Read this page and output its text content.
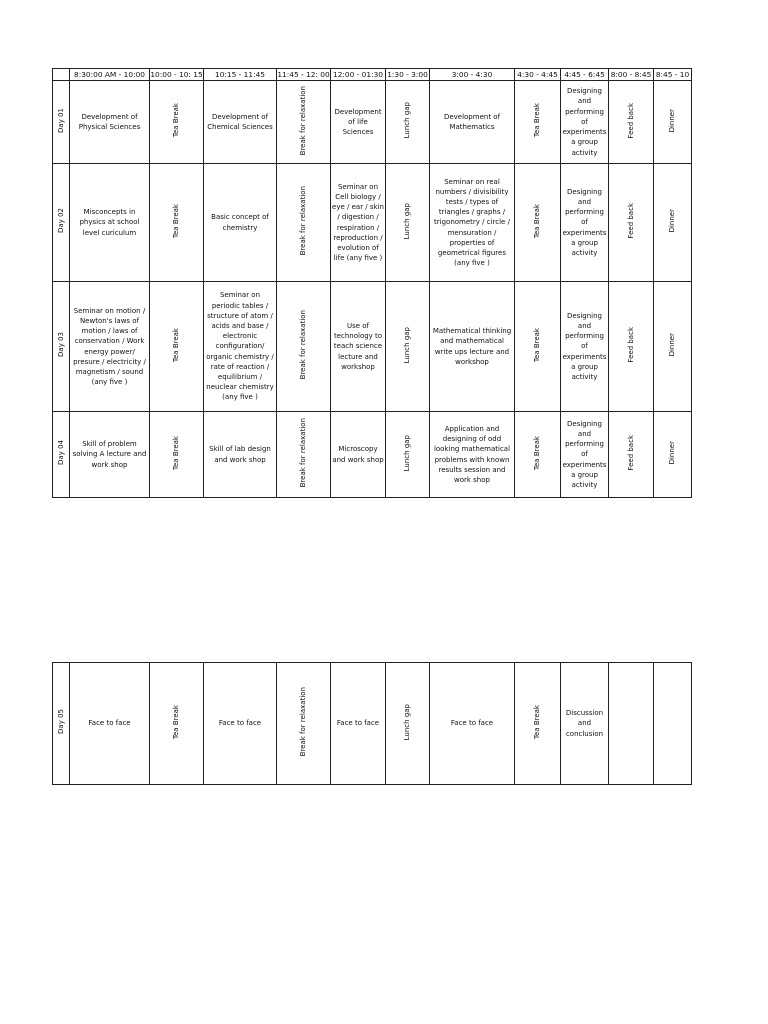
	8:30:00 AM - 10:00	10:00 - 10: 15	10:15 - 11:45	11:45 - 12: 00	12:00 - 01:30	1:30 - 3:00	3:00 - 4:30	4:30 - 4:45	4:45 - 6:45	8:00 - 8:45	8:45 - 10
Day 01	Development of Physical Sciences	Tea Break	Development of Chemical Sciences	Break for relaxation	Development of life Sciences	Lunch gap	Development of Mathematics	Tea Break	Designing and performing of experiments a group activity	Feed back	Dinner
Day 02	Misconcepts in physics at school level curiculum	Tea Break	Basic concept of chemistry	Break for relaxation	Seminar on Cell biology / eye / ear / skin / digestion / respiration / reproduction / evolution of life (any five )	Lunch gap	Seminar on real numbers / divisibility tests / types of triangles / graphs / trigonometry / circle / mensuration / properties of geometrical figures (any five )	Tea Break	Designing and performing of experiments a group activity	Feed back	Dinner
Day 03	Seminar on motion / Newton's laws of motion / laws of conservation / Work energy power/ presure / electricity / magnetism / sound (any five )	Tea Break	Seminar on periodic tables / structure of atom / acids and base / electronic configuration/ organic chemistry / rate of reaction / equilibrium / neuclear chemistry (any five )	Break for relaxation	Use of technology to teach science lecture and workshop	Lunch gap	Mathematical thinking and mathematical write ups lecture and workshop	Tea Break	Designing and performing of experiments a group activity	Feed back	Dinner
Day 04	Skill of problem solving A lecture and work shop	Tea Break	Skill of lab design and work shop	Break for relaxation	Microscopy and work shop	Lunch gap	Application and designing of odd looking mathematical problems with known results session and work shop	Tea Break	Designing and performing of experiments a group activity	Feed back	Dinner
Day 05	Face to face	Tea Break	Face to face	Break for relaxation	Face to face	Lunch gap	Face to face	Tea Break	Discussion and conclusion		
